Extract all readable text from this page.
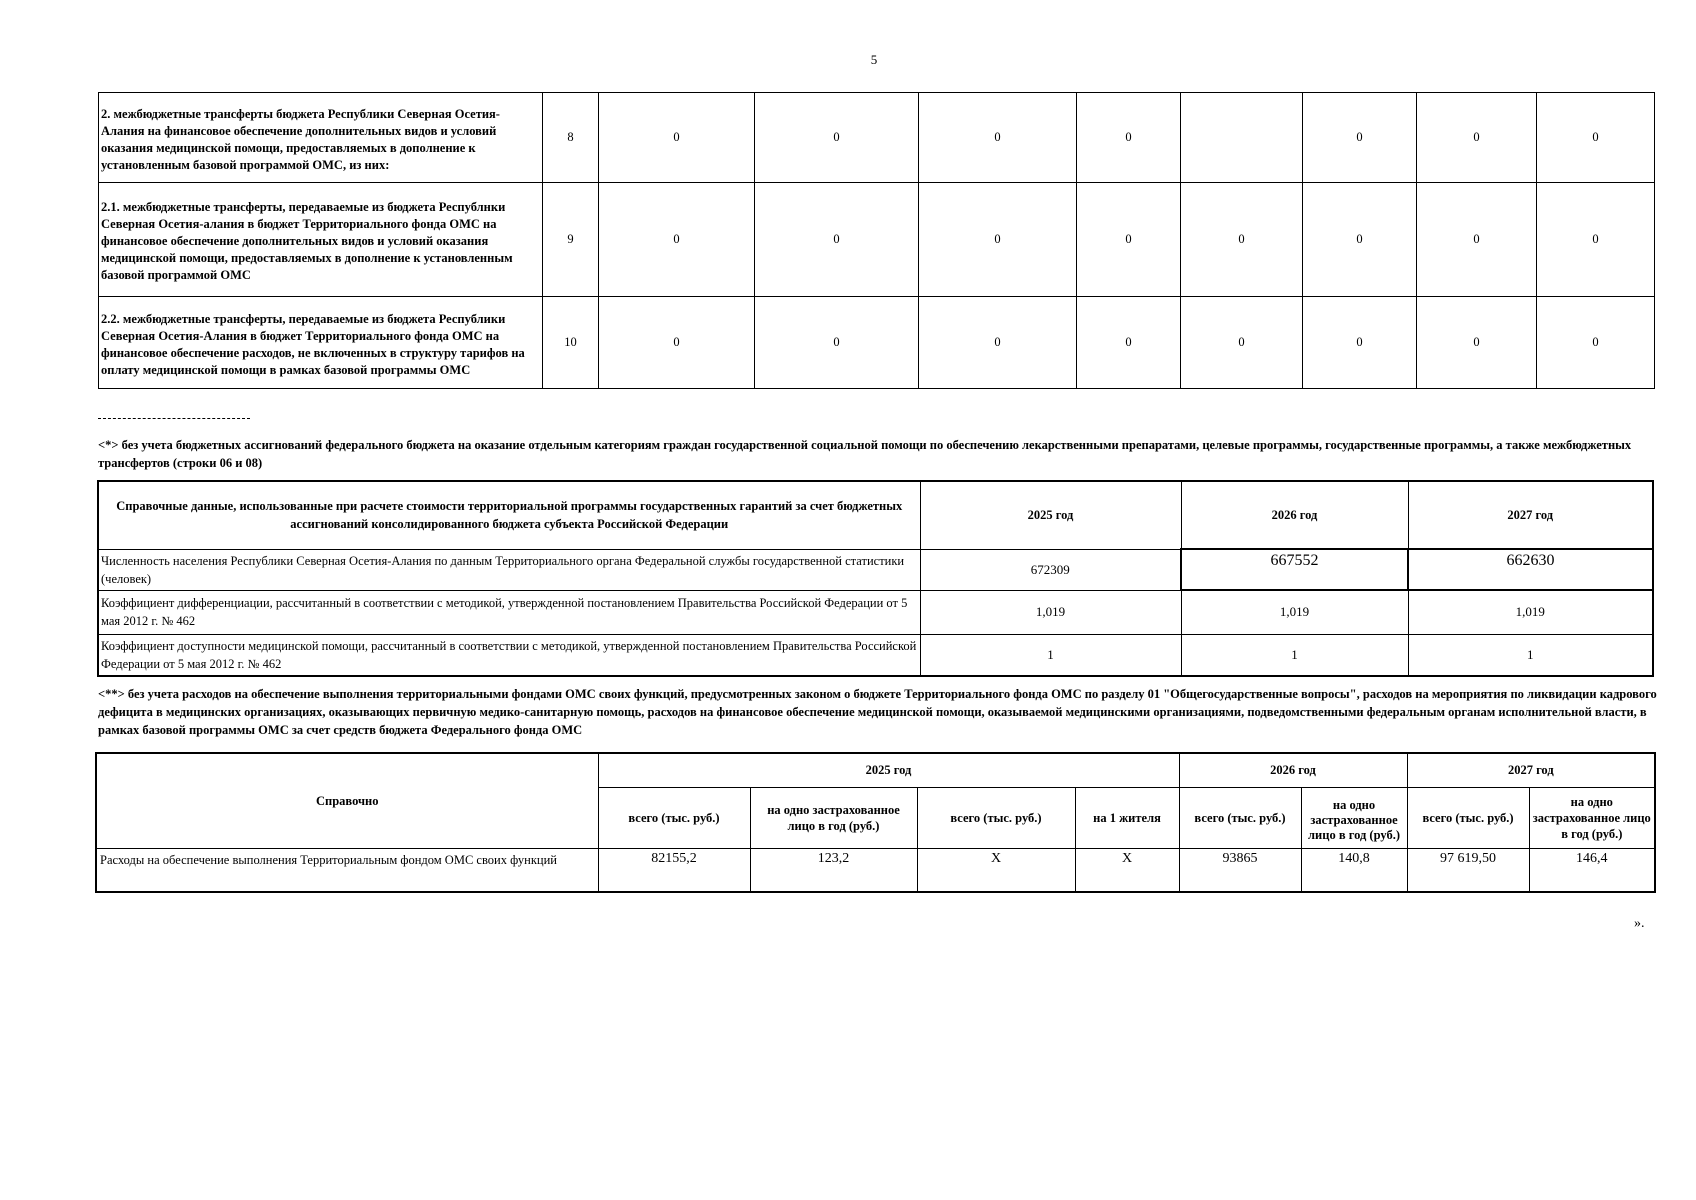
5
2. межбюджетные трансферты бюджета Республики Северная Осетия-Алания на финансовое обеспечение дополнительных видов и условий оказания медицинской помощи, предоставляемых в дополнение к установленным базовой программой ОМС, из них:	8	0	0	0	0		0	0	0
2.1. межбюджетные трансферты, передаваемые из бюджета Республнки Северная Осетия-алания в бюджет Территориального фонда ОМС на финансовое обеспечение дополнительных видов и условий оказания медицинской помощи, предоставляемых в дополнение к установленным базовой программой ОМС	9	0	0	0	0	0	0	0	0
2.2. межбюджетные трансферты, передаваемые из бюджета Республики Северная Осетия-Алания в бюджет Территориального фонда ОМС на финансовое обеспечение расходов, не включенных в структуру тарифов на оплату медицинской помощи в рамках базовой программы ОМС	10	0	0	0	0	0	0	0	0
<*> без учета бюджетных ассигнований федерального бюджета на оказание отдельным категориям граждан государственной социальной помощи по обеспечению лекарственными препаратами, целевые программы, государственные программы, а также межбюджетных трансфертов (строки 06 и 08)
Справочные данные, использованные при расчете стоимости территориальной программы государственных гарантий за счет бюджетных ассигнований консолидированного бюджета субъекта Российской Федерации	2025 год	2026 год	2027 год
Численность населения Республики Северная Осетия-Алания по данным Территориального органа Федеральной службы государственной статистики (человек)	672309	667552	662630
Коэффициент дифференциации, рассчитанный в соответствии с методикой, утвержденной постановлением Правительства Российской Федерации от 5 мая 2012 г. № 462	1,019	1,019	1,019
Коэффициент доступности медицинской помощи, рассчитанный в соответствии с методикой, утвержденной постановлением Правительства Российской Федерации от 5 мая 2012 г. № 462	1	1	1
<**> без учета расходов на обеспечение выполнения территориальными фондами ОМС своих функций, предусмотренных законом о бюджете Территориального фонда ОМС по разделу 01 "Общегосударственные вопросы", расходов на мероприятия по ликвидации кадрового дефицита в медицинских организациях, оказывающих первичную медико-санитарную помощь, расходов на финансовое обеспечение медицинской помощи, оказываемой медицинскими организациями, подведомственными федеральным органам исполнительной власти, в рамках базовой программы ОМС за счет средств бюджета Федерального фонда ОМС
Справочно	2025 год				2026 год		2027 год	
	всего (тыс. руб.)	на одно застрахованное лицо в год (руб.)	всего (тыс. руб.)	на 1 жителя	всего (тыс. руб.)	на одно застрахованное лицо в год (руб.)	всего (тыс. руб.)	на одно застрахованное лицо в год (руб.)
Расходы на обеспечение выполнения Территориальным фондом ОМС своих функций	82155,2	123,2	X	X	93865	140,8	97 619,50	146,4
».
